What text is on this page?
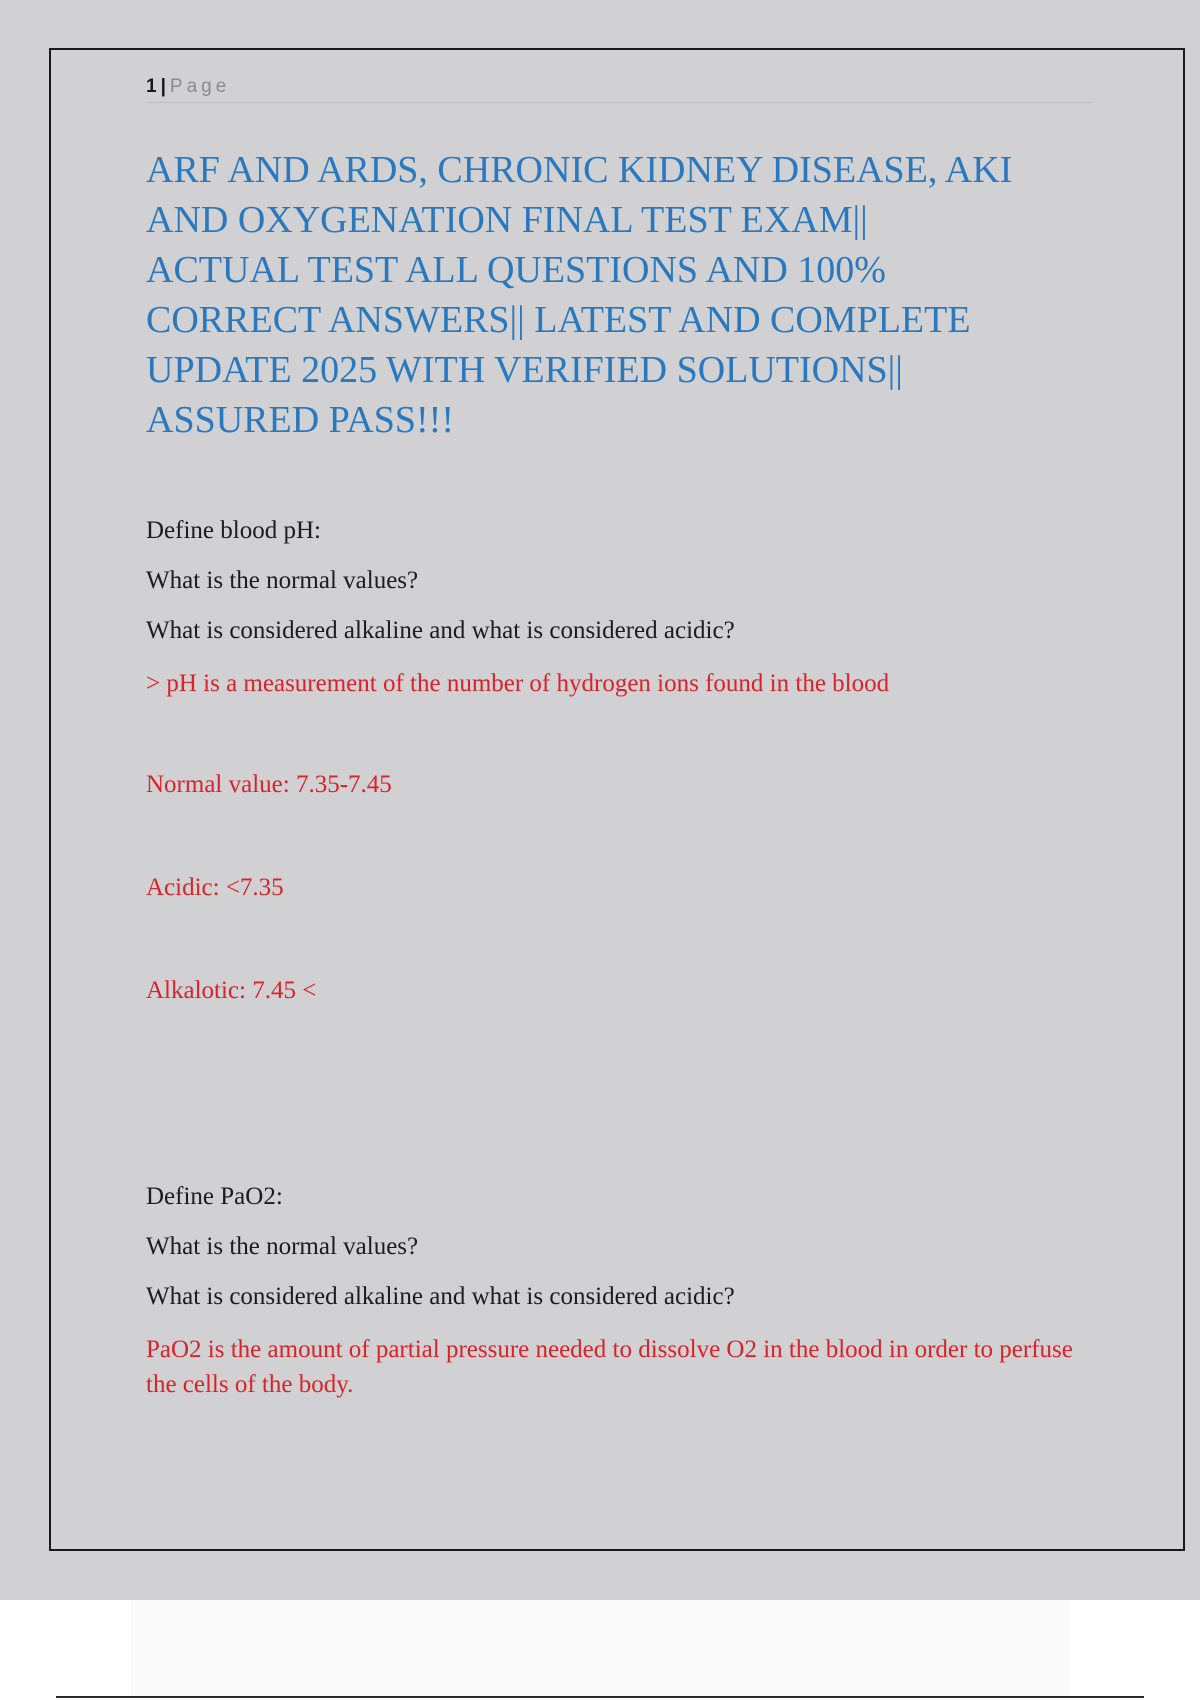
1 | Page
ARF AND ARDS, CHRONIC KIDNEY DISEASE, AKI
AND OXYGENATION FINAL TEST EXAM||
ACTUAL TEST ALL QUESTIONS AND 100%
CORRECT ANSWERS|| LATEST AND COMPLETE
UPDATE 2025 WITH VERIFIED SOLUTIONS||
ASSURED PASS!!!

Define blood pH:

What is the normal values?

What is considered alkaline and what is considered acidic?

> pH is a measurement of the number of hydrogen ions found in the blood

Normal value: 7.35-7.45

Acidic: <7.35

Alkalotic: 7.45 <

Define PaO2:

What is the normal values?

What is considered alkaline and what is considered acidic?

PaO2 is the amount of partial pressure needed to dissolve O2 in the blood in order to perfuse the cells of the body.
